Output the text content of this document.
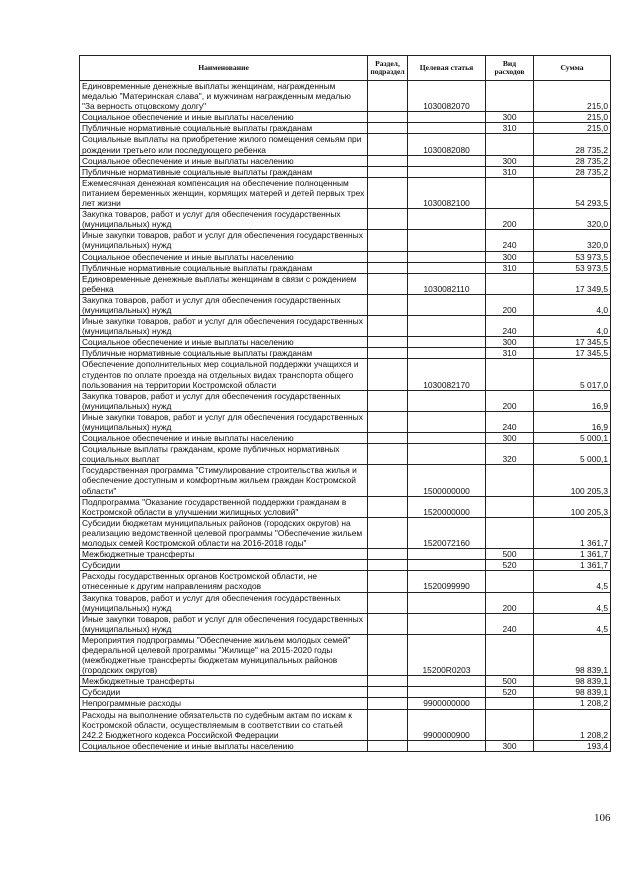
Наименование	Раздел, подраздел	Целевая статья	Вид расходов	Сумма
Единовременные денежные выплаты женщинам, награжденным медалью "Материнская слава", и мужчинам награжденным медалью "За верность отцовскому долгу"		1030082070		215,0
Социальное обеспечение и иные выплаты населению			300	215,0
Публичные нормативные социальные выплаты гражданам			310	215,0
Социальные выплаты на приобретение жилого помещения семьям при рождении третьего или последующего ребенка		1030082080		28 735,2
Социальное обеспечение и иные выплаты населению			300	28 735,2
Публичные нормативные социальные выплаты гражданам			310	28 735,2
Ежемесячная денежная компенсация на обеспечение полноценным питанием беременных женщин, кормящих матерей и детей первых трех лет жизни		1030082100		54 293,5
Закупка товаров, работ и услуг для обеспечения государственных (муниципальных) нужд			200	320,0
Иные закупки товаров, работ и услуг для обеспечения государственных (муниципальных) нужд			240	320,0
Социальное обеспечение и иные выплаты населению			300	53 973,5
Публичные нормативные социальные выплаты гражданам			310	53 973,5
Единовременные денежные выплаты женщинам в связи с рождением ребенка		1030082110		17 349,5
Закупка товаров, работ и услуг для обеспечения государственных (муниципальных) нужд			200	4,0
Иные закупки товаров, работ и услуг для обеспечения государственных (муниципальных) нужд			240	4,0
Социальное обеспечение и иные выплаты населению			300	17 345,5
Публичные нормативные социальные выплаты гражданам			310	17 345,5
Обеспечение дополнительных мер социальной поддержки учащихся и студентов по оплате проезда на отдельных видах транспорта общего пользования на территории Костромской области		1030082170		5 017,0
Закупка товаров, работ и услуг для обеспечения государственных (муниципальных) нужд			200	16,9
Иные закупки товаров, работ и услуг для обеспечения государственных (муниципальных) нужд			240	16,9
Социальное обеспечение и иные выплаты населению			300	5 000,1
Социальные выплаты гражданам, кроме публичных нормативных социальных выплат			320	5 000,1
Государственная программа "Стимулирование строительства жилья и обеспечение доступным и комфортным жильем граждан Костромской области"		1500000000		100 205,3
Подпрограмма "Оказание государственной поддержки гражданам в Костромской области в улучшении жилищных условий"		1520000000		100 205,3
Субсидии бюджетам муниципальных районов (городских округов) на реализацию ведомственной целевой программы "Обеспечение жильем молодых семей Костромской области на 2016-2018 годы"		1520072160		1 361,7
Межбюджетные трансферты			500	1 361,7
Субсидии			520	1 361,7
Расходы государственных органов Костромской области, не отнесенные к другим направлениям расходов		1520099990		4,5
Закупка товаров, работ и услуг для обеспечения государственных (муниципальных) нужд			200	4,5
Иные закупки товаров, работ и услуг для обеспечения государственных (муниципальных) нужд			240	4,5
Мероприятия подпрограммы "Обеспечение жильем молодых семей" федеральной целевой программы "Жилище" на 2015-2020 годы (межбюджетные трансферты бюджетам муниципальных районов (городских округов)		15200R0203		98 839,1
Межбюджетные трансферты			500	98 839,1
Субсидии			520	98 839,1
Непрограммные расходы		9900000000		1 208,2
Расходы на выполнение обязательств по судебным актам по искам к Костромской области, осуществляемым в соответствии со статьей 242.2 Бюджетного кодекса Российской Федерации		9900000900		1 208,2
Социальное обеспечение и иные выплаты населению			300	193,4
106
